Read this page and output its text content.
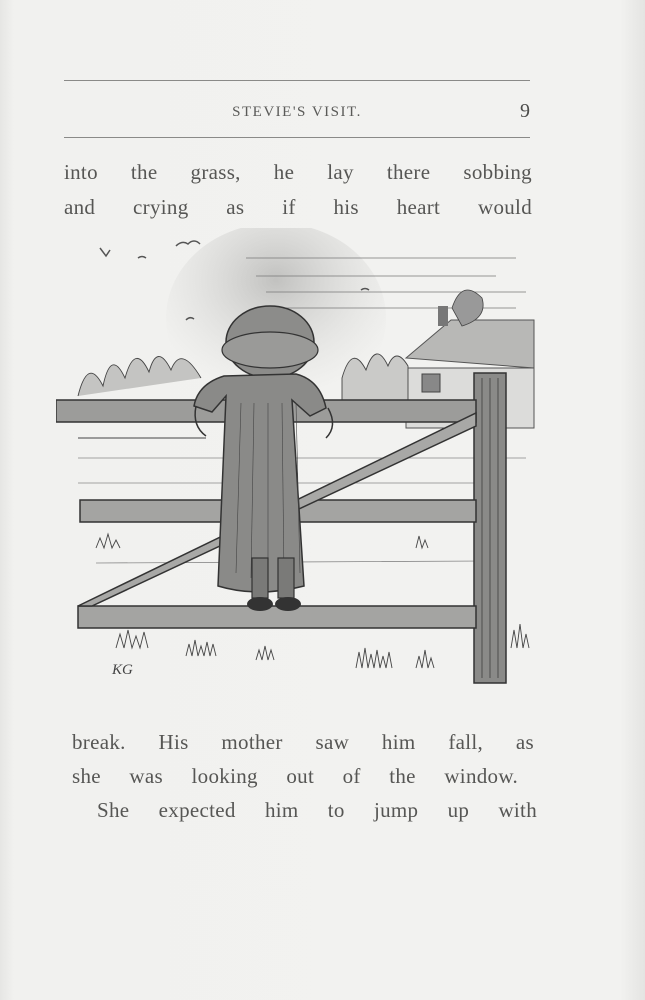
STEVIE'S VISIT.	9
into the grass, he lay there sobbing
and crying as if his heart would
KG
break. His mother saw him fall, as
she was looking out of the window.
She expected him to jump up with
